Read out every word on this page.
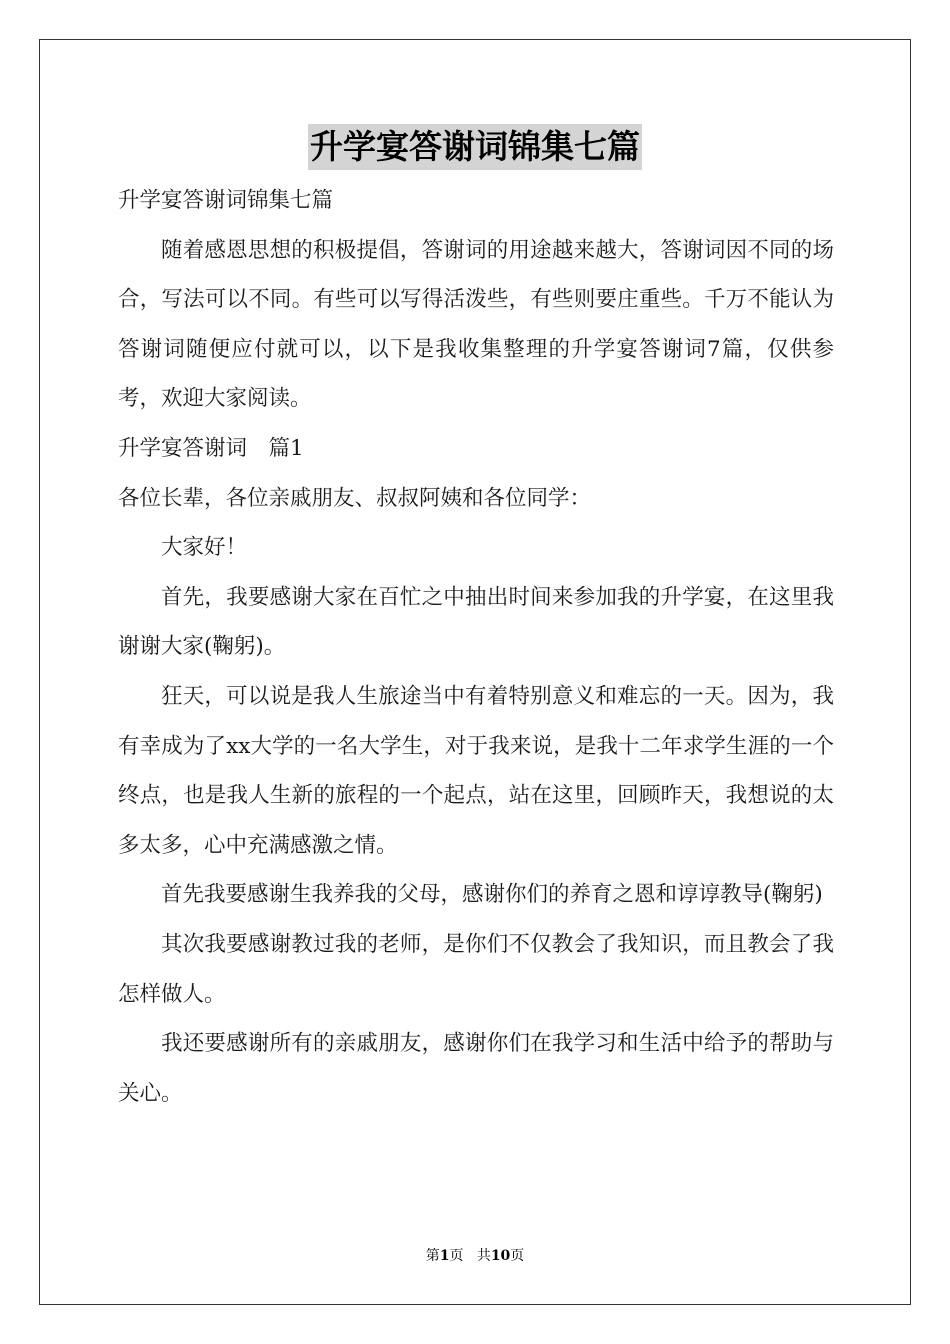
升学宴答谢词锦集七篇

升学宴答谢词锦集七篇

随着感恩思想的积极提倡，答谢词的用途越来越大，答谢词因不同的场合，写法可以不同。有些可以写得活泼些，有些则要庄重些。千万不能认为答谢词随便应付就可以，以下是我收集整理的升学宴答谢词7篇，仅供参考，欢迎大家阅读。

升学宴答谢词　篇1

各位长辈，各位亲戚朋友、叔叔阿姨和各位同学：

大家好！

首先，我要感谢大家在百忙之中抽出时间来参加我的升学宴，在这里我谢谢大家(鞠躬)。

狂天，可以说是我人生旅途当中有着特别意义和难忘的一天。因为，我有幸成为了xx大学的一名大学生，对于我来说，是我十二年求学生涯的一个终点，也是我人生新的旅程的一个起点，站在这里，回顾昨天，我想说的太多太多，心中充满感激之情。

首先我要感谢生我养我的父母，感谢你们的养育之恩和谆谆教导(鞠躬)

其次我要感谢教过我的老师，是你们不仅教会了我知识，而且教会了我怎样做人。

我还要感谢所有的亲戚朋友，感谢你们在我学习和生活中给予的帮助与关心。

第1页 共10页
